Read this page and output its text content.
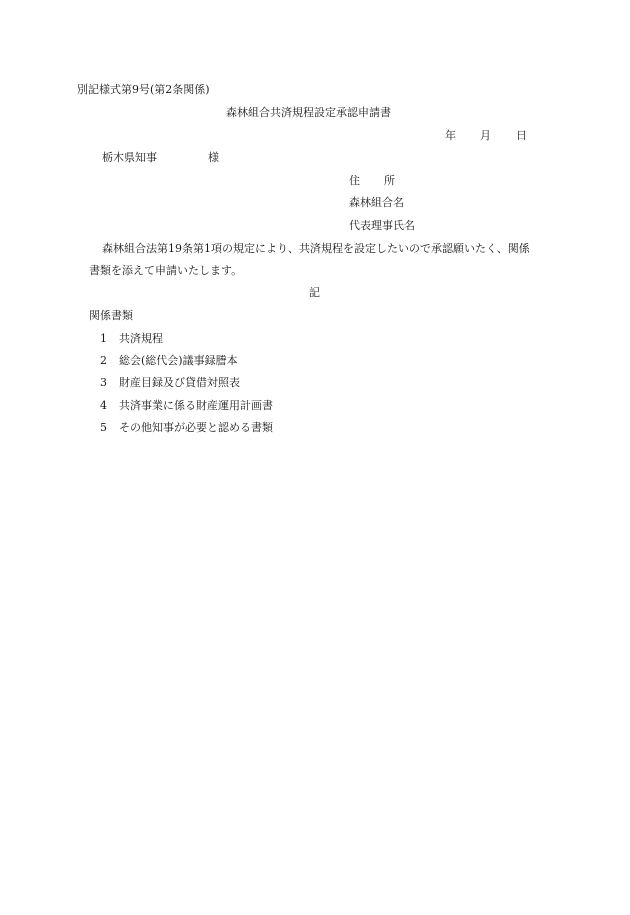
別記様式第9号(第2条関係)
森林組合共済規程設定承認申請書
年 月 日
栃木県知事	様
住 所
森林組合名
代表理事氏名
森林組合法第19条第1項の規定により、共済規程を設定したいので承認願いたく、関係
書類を添えて申請いたします。
記
関係書類
1 共済規程
2 総会(総代会)議事録謄本
3 財産目録及び貸借対照表
4 共済事業に係る財産運用計画書
5 その他知事が必要と認める書類
